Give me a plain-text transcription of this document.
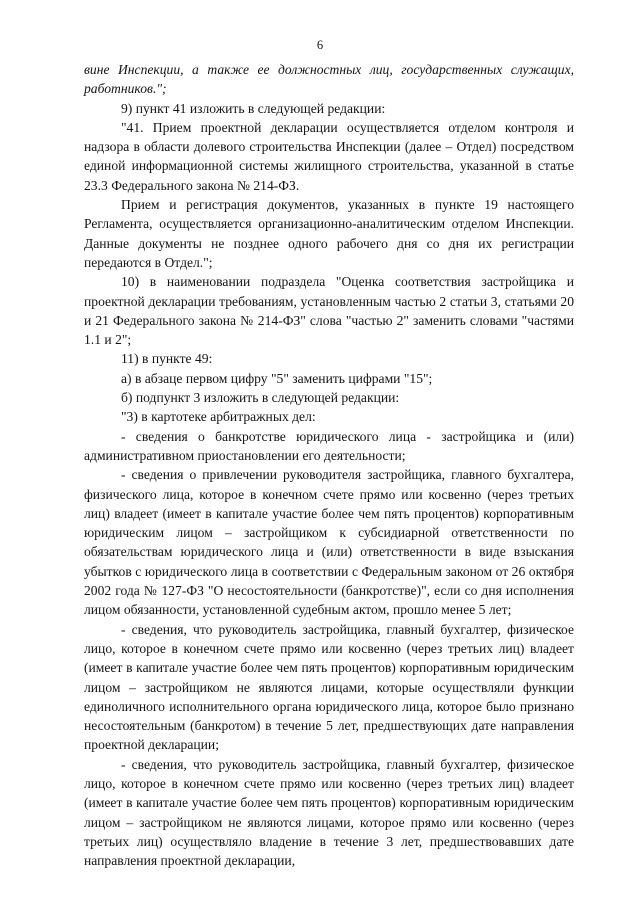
6

вине Инспекции, а также ее должностных лиц, государственных служащих, работников.";

9) пункт 41 изложить в следующей редакции:

"41. Прием проектной декларации осуществляется отделом контроля и надзора в области долевого строительства Инспекции (далее – Отдел) посредством единой информационной системы жилищного строительства, указанной в статье 23.3 Федерального закона № 214-ФЗ.

Прием и регистрация документов, указанных в пункте 19 настоящего Регламента, осуществляется организационно-аналитическим отделом Инспекции. Данные документы не позднее одного рабочего дня со дня их регистрации передаются в Отдел.";

10) в наименовании подраздела "Оценка соответствия застройщика и проектной декларации требованиям, установленным частью 2 статьи 3, статьями 20 и 21 Федерального закона № 214-ФЗ" слова "частью 2" заменить словами "частями 1.1 и 2";

11) в пункте 49:

а) в абзаце первом цифру "5" заменить цифрами "15";

б) подпункт 3 изложить в следующей редакции:

"3) в картотеке арбитражных дел:

- сведения о банкротстве юридического лица - застройщика и (или) административном приостановлении его деятельности;

- сведения о привлечении руководителя застройщика, главного бухгалтера, физического лица, которое в конечном счете прямо или косвенно (через третьих лиц) владеет (имеет в капитале участие более чем пять процентов) корпоративным юридическим лицом – застройщиком к субсидиарной ответственности по обязательствам юридического лица и (или) ответственности в виде взыскания убытков с юридического лица в соответствии с Федеральным законом от 26 октября 2002 года № 127-ФЗ "О несостоятельности (банкротстве)", если со дня исполнения лицом обязанности, установленной судебным актом, прошло менее 5 лет;

- сведения, что руководитель застройщика, главный бухгалтер, физическое лицо, которое в конечном счете прямо или косвенно (через третьих лиц) владеет (имеет в капитале участие более чем пять процентов) корпоративным юридическим лицом – застройщиком не являются лицами, которые осуществляли функции единоличного исполнительного органа юридического лица, которое было признано несостоятельным (банкротом) в течение 5 лет, предшествующих дате направления проектной декларации;

- сведения, что руководитель застройщика, главный бухгалтер, физическое лицо, которое в конечном счете прямо или косвенно (через третьих лиц) владеет (имеет в капитале участие более чем пять процентов) корпоративным юридическим лицом – застройщиком не являются лицами, которое прямо или косвенно (через третьих лиц) осуществляло владение в течение 3 лет, предшествовавших дате направления проектной декларации,
